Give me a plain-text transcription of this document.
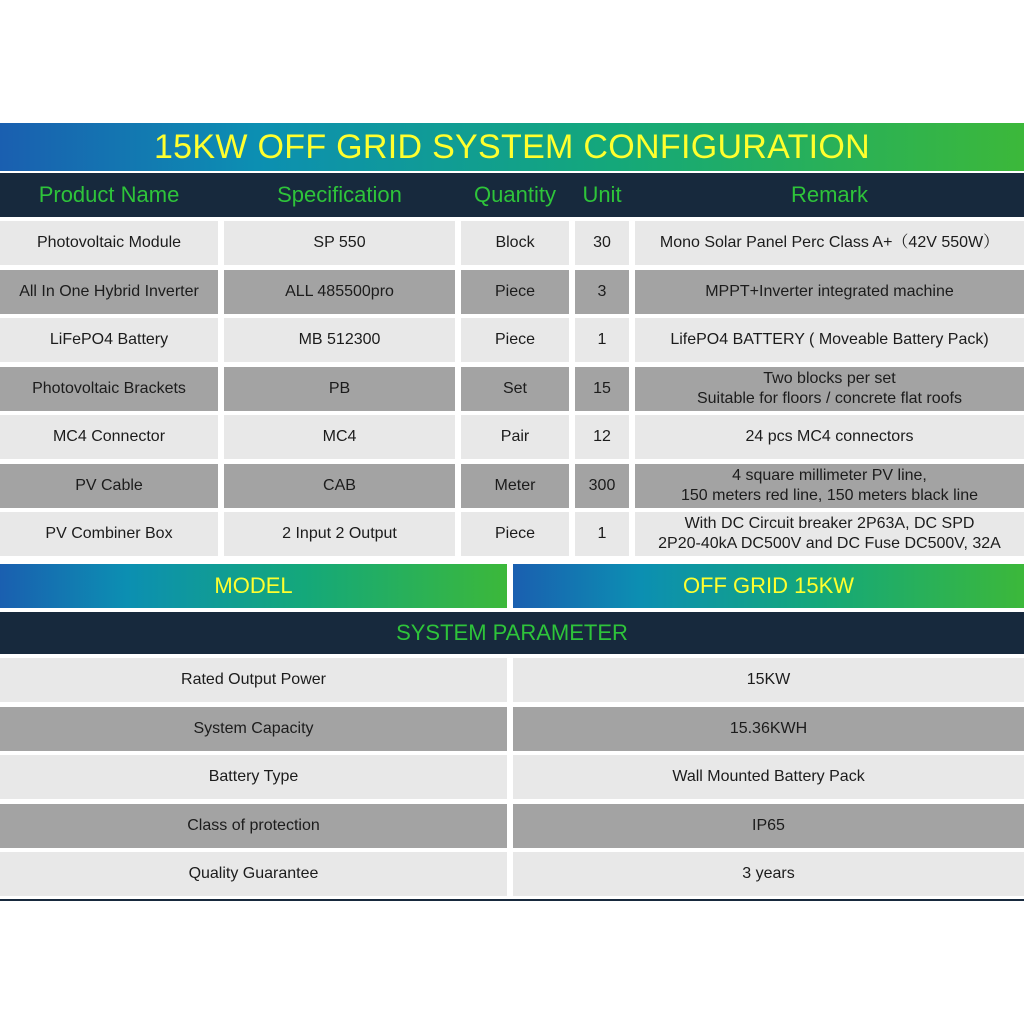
15KW OFF GRID SYSTEM CONFIGURATION
Product Name	Specification	Quantity	Unit	Remark
Photovoltaic Module	SP 550	Block	30	Mono Solar Panel Perc Class A+（42V 550W）
All In One Hybrid Inverter	ALL 485500pro	Piece	3	MPPT+Inverter integrated machine
LiFePO4 Battery	MB 512300	Piece	1	LifePO4 BATTERY ( Moveable Battery Pack)
Photovoltaic Brackets	PB	Set	15
Two blocks per set
Suitable for floors / concrete flat roofs
MC4 Connector	MC4	Pair	12	24 pcs MC4 connectors
PV Cable	CAB	Meter	300
4 square millimeter PV line,
150 meters red line, 150 meters black line
PV Combiner Box	2 Input 2 Output	Piece	1
With DC Circuit breaker 2P63A, DC SPD
2P20-40kA DC500V and DC Fuse DC500V, 32A
MODEL	OFF GRID 15KW
SYSTEM PARAMETER
Rated Output Power	15KW
System Capacity	15.36KWH
Battery Type	Wall Mounted Battery Pack
Class of protection	IP65
Quality Guarantee	3 years
